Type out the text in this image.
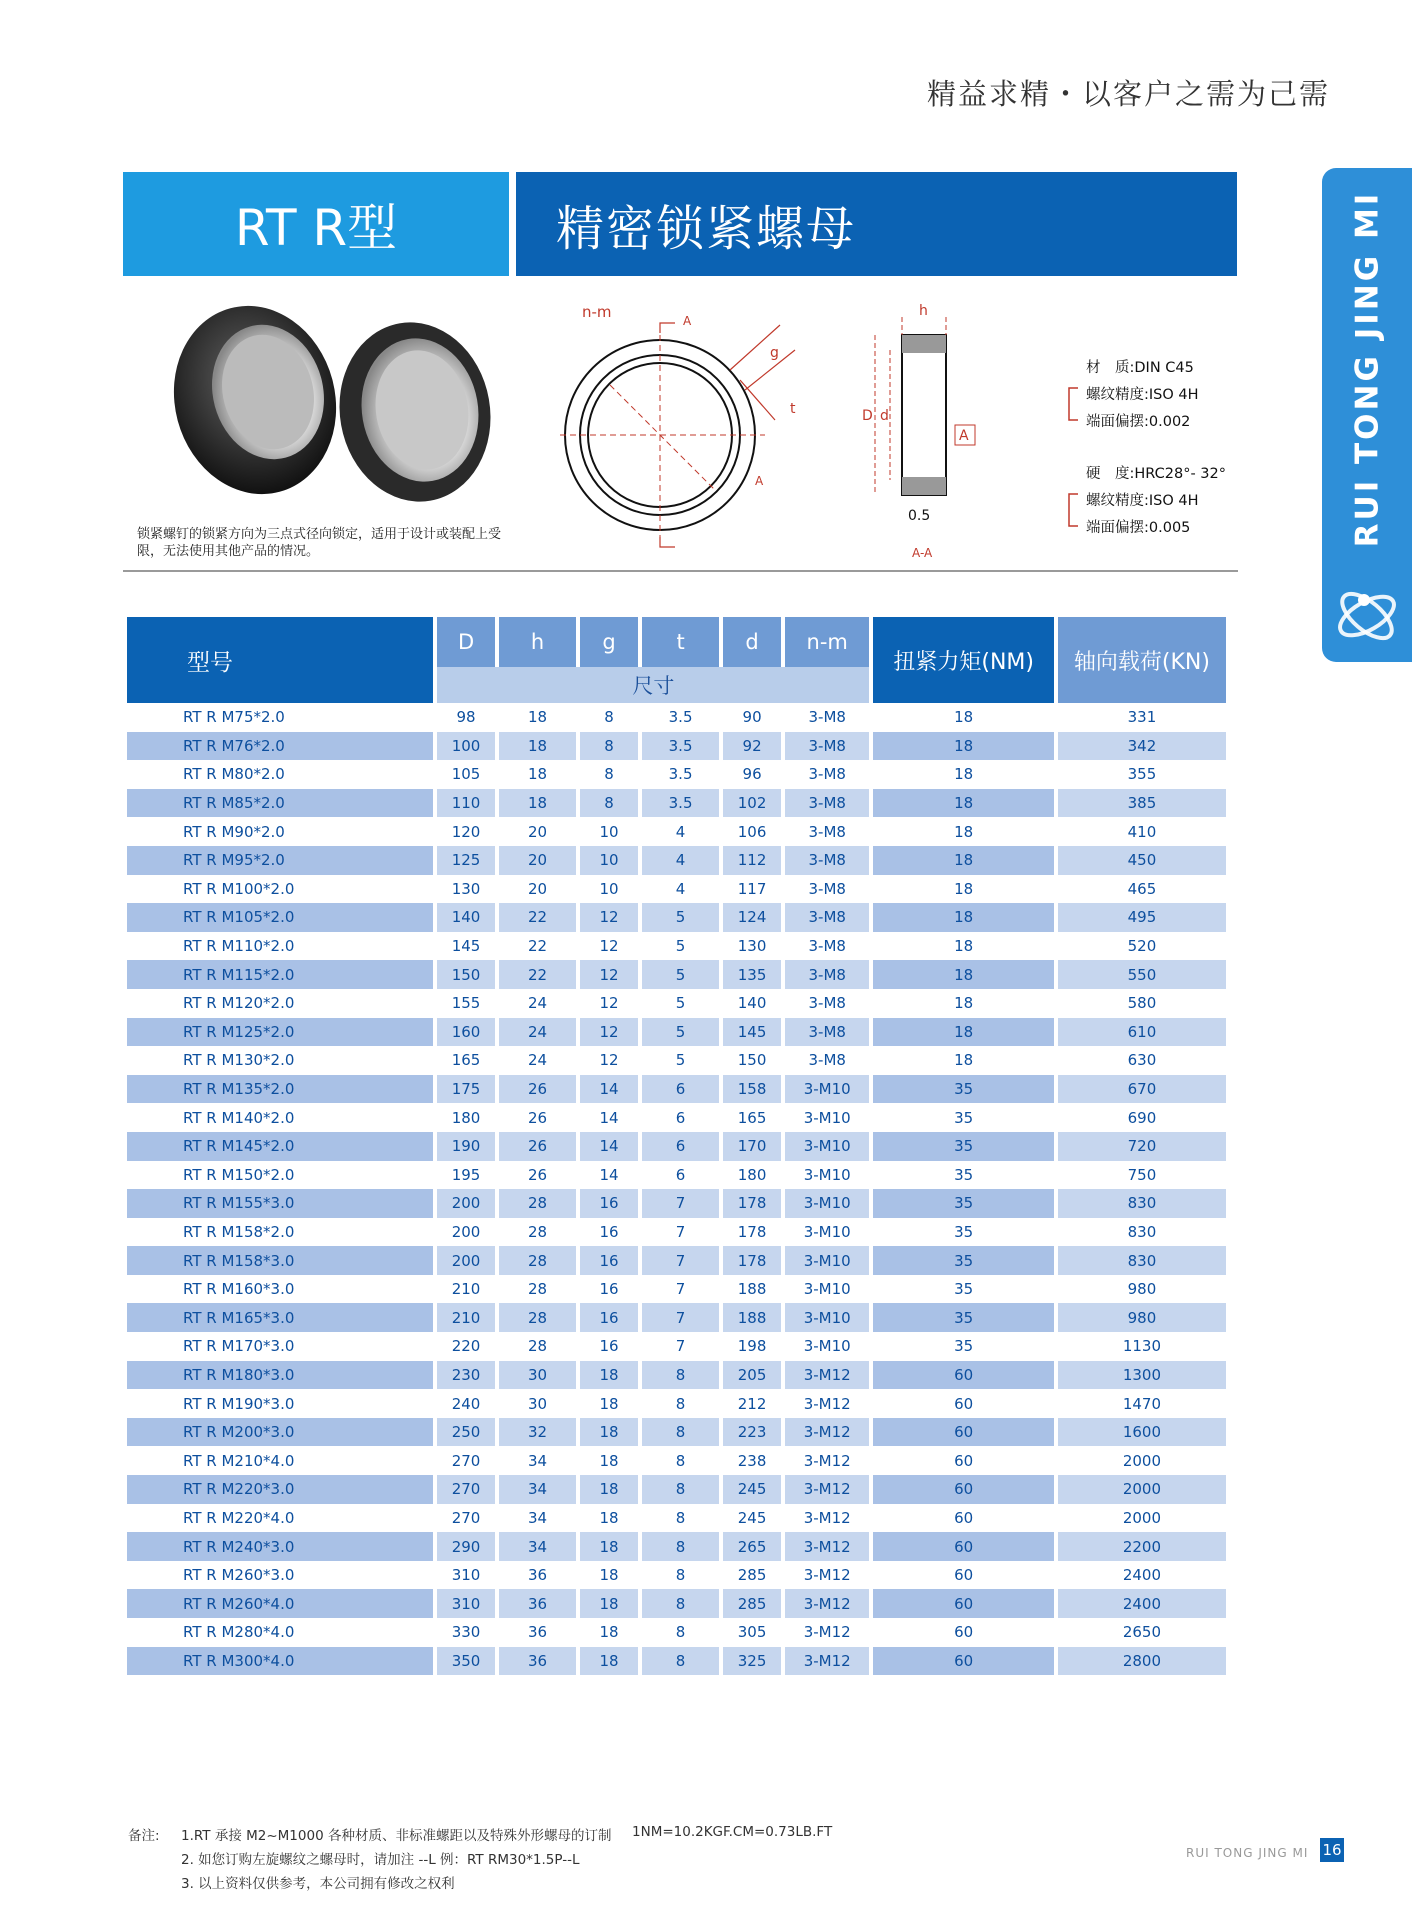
精益求精・以客户之需为己需
RT R型	精密锁紧螺母	RUI TONG JING MI
锁紧螺钉的锁紧方向为三点式径向锁定，适用于设计或装配上受限，无法使用其他产品的情况。
n-m	A
A
g
t
h
D d
A
0.5
A-A
材　质:DIN C45
螺纹精度:ISO 4H
端面偏摆:0.002
硬　度:HRC28°- 32°
螺纹精度:ISO 4H
端面偏摆:0.005
型号	D	h	g	t	d	n-m	扭紧力矩(NM)	轴向载荷(KN)
	尺寸							
RT R M75*2.0	98	18	8	3.5	90	3-M8	18	331
RT R M76*2.0	100	18	8	3.5	92	3-M8	18	342
RT R M80*2.0	105	18	8	3.5	96	3-M8	18	355
RT R M85*2.0	110	18	8	3.5	102	3-M8	18	385
RT R M90*2.0	120	20	10	4	106	3-M8	18	410
RT R M95*2.0	125	20	10	4	112	3-M8	18	450
RT R M100*2.0	130	20	10	4	117	3-M8	18	465
RT R M105*2.0	140	22	12	5	124	3-M8	18	495
RT R M110*2.0	145	22	12	5	130	3-M8	18	520
RT R M115*2.0	150	22	12	5	135	3-M8	18	550
RT R M120*2.0	155	24	12	5	140	3-M8	18	580
RT R M125*2.0	160	24	12	5	145	3-M8	18	610
RT R M130*2.0	165	24	12	5	150	3-M8	18	630
RT R M135*2.0	175	26	14	6	158	3-M10	35	670
RT R M140*2.0	180	26	14	6	165	3-M10	35	690
RT R M145*2.0	190	26	14	6	170	3-M10	35	720
RT R M150*2.0	195	26	14	6	180	3-M10	35	750
RT R M155*3.0	200	28	16	7	178	3-M10	35	830
RT R M158*2.0	200	28	16	7	178	3-M10	35	830
RT R M158*3.0	200	28	16	7	178	3-M10	35	830
RT R M160*3.0	210	28	16	7	188	3-M10	35	980
RT R M165*3.0	210	28	16	7	188	3-M10	35	980
RT R M170*3.0	220	28	16	7	198	3-M10	35	1130
RT R M180*3.0	230	30	18	8	205	3-M12	60	1300
RT R M190*3.0	240	30	18	8	212	3-M12	60	1470
RT R M200*3.0	250	32	18	8	223	3-M12	60	1600
RT R M210*4.0	270	34	18	8	238	3-M12	60	2000
RT R M220*3.0	270	34	18	8	245	3-M12	60	2000
RT R M220*4.0	270	34	18	8	245	3-M12	60	2000
RT R M240*3.0	290	34	18	8	265	3-M12	60	2200
RT R M260*3.0	310	36	18	8	285	3-M12	60	2400
RT R M260*4.0	310	36	18	8	285	3-M12	60	2400
RT R M280*4.0	330	36	18	8	305	3-M12	60	2650
RT R M300*4.0	350	36	18	8	325	3-M12	60	2800
备注: 1.RT 承接 M2~M1000 各种材质、非标准螺距以及特殊外形螺母的订制
2. 如您订购左旋螺纹之螺母时，请加注 --L 例：RT RM30*1.5P--L
3. 以上资料仅供参考，本公司拥有修改之权利
1NM=10.2KGF.CM=0.73LB.FT
RUI TONG JING MI 16
